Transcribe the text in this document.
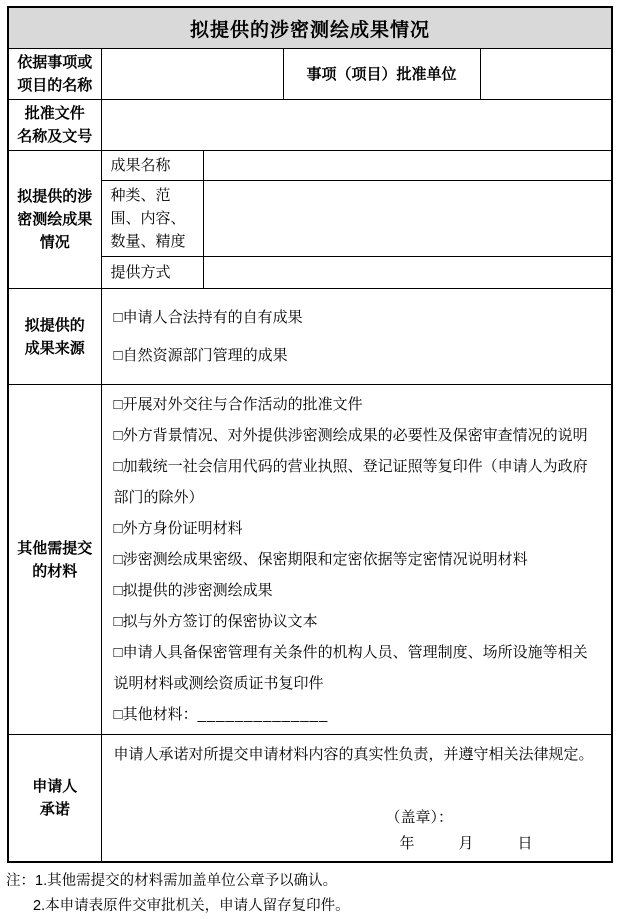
拟提供的涉密测绘成果情况				

依据事项或
项目的名称			事项（项目）批准单位	

批准文件
名称及文号				

拟提供的涉
密测绘成果
情况	成果名称			
	种类、范围、内容、数量、精度			
	提供方式			

拟提供的
成果来源

□申请人合法持有的自有成果
□自然资源部门管理的成果

其他需提交
的材料

□开展对外交往与合作活动的批准文件
□外方背景情况、对外提供涉密测绘成果的必要性及保密审查情况的说明
□加载统一社会信用代码的营业执照、登记证照等复印件（申请人为政府部门的除外）
□外方身份证明材料
□涉密测绘成果密级、保密期限和定密依据等定密情况说明材料
□拟提供的涉密测绘成果
□拟与外方签订的保密协议文本
□申请人具备保密管理有关条件的机构人员、管理制度、场所设施等相关说明材料或测绘资质证书复印件
□其他材料：______________

申请人
承诺

申请人承诺对所提交申请材料内容的真实性负责，并遵守相关法律规定。
（盖章）：
年	月	日
注：1.其他需提交的材料需加盖单位公章予以确认。
2.本申请表原件交审批机关，申请人留存复印件。
